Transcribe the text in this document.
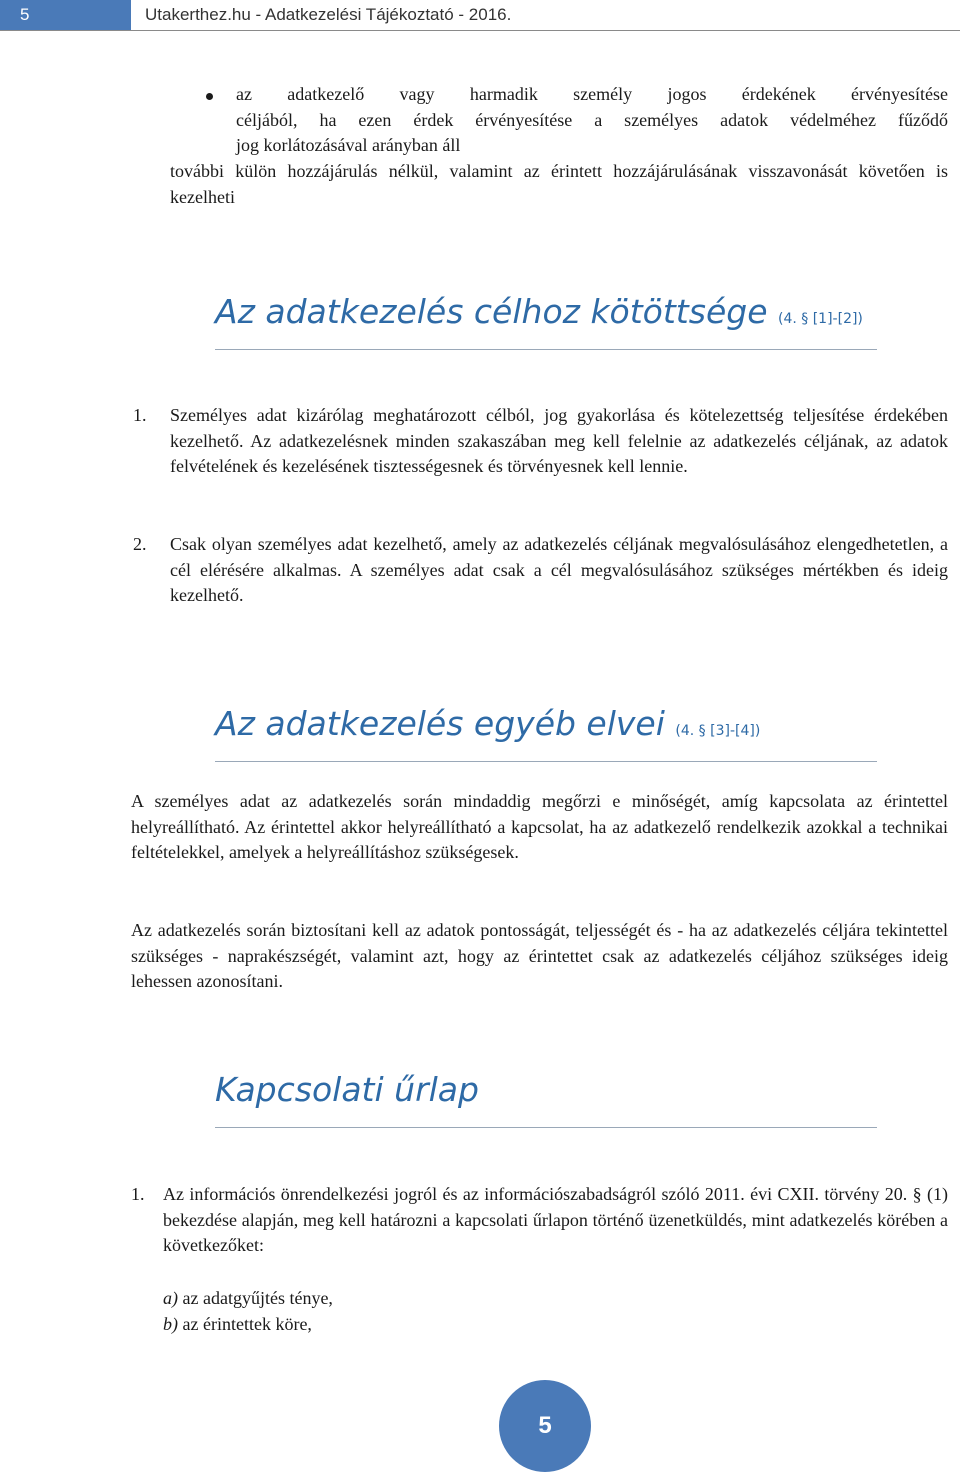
5	Utakerthez.hu - Adatkezelési Tájékoztató - 2016.

az adatkezelő vagy harmadik személy jogos érdekének érvényesítése

céljából, ha ezen érdek érvényesítése a személyes adatok védelméhez fűződő

jog korlátozásával arányban áll

további külön hozzájárulás nélkül, valamint az érintett hozzájárulásának visszavonását követően is kezelheti

Az adatkezelés célhoz kötöttsége (4. § [1]-[2])
1. Személyes adat kizárólag meghatározott célból, jog gyakorlása és kötelezettség teljesítése érdekében kezelhető. Az adatkezelésnek minden szakaszában meg kell felelnie az adatkezelés céljának, az adatok felvételének és kezelésének tisztességesnek és törvényesnek kell lennie.

2. Csak olyan személyes adat kezelhető, amely az adatkezelés céljának megvalósulásához elengedhetetlen, a cél elérésére alkalmas. A személyes adat csak a cél megvalósulásához szükséges mértékben és ideig kezelhető.

Az adatkezelés egyéb elvei (4. § [3]-[4])

A személyes adat az adatkezelés során mindaddig megőrzi e minőségét, amíg kapcsolata az érintettel helyreállítható. Az érintettel akkor helyreállítható a kapcsolat, ha az adatkezelő rendelkezik azokkal a technikai feltételekkel, amelyek a helyreállításhoz szükségesek.

Az adatkezelés során biztosítani kell az adatok pontosságát, teljességét és - ha az adatkezelés céljára tekintettel szükséges - naprakészségét, valamint azt, hogy az érintettet csak az adatkezelés céljához szükséges ideig lehessen azonosítani.

Kapcsolati űrlap
1. Az információs önrendelkezési jogról és az információszabadságról szóló 2011. évi CXII. törvény 20. § (1) bekezdése alapján, meg kell határozni a kapcsolati űrlapon történő üzenetküldés, mint adatkezelés körében a következőket:

a) az adatgyűjtés ténye,
b) az érintettek köre,
5
